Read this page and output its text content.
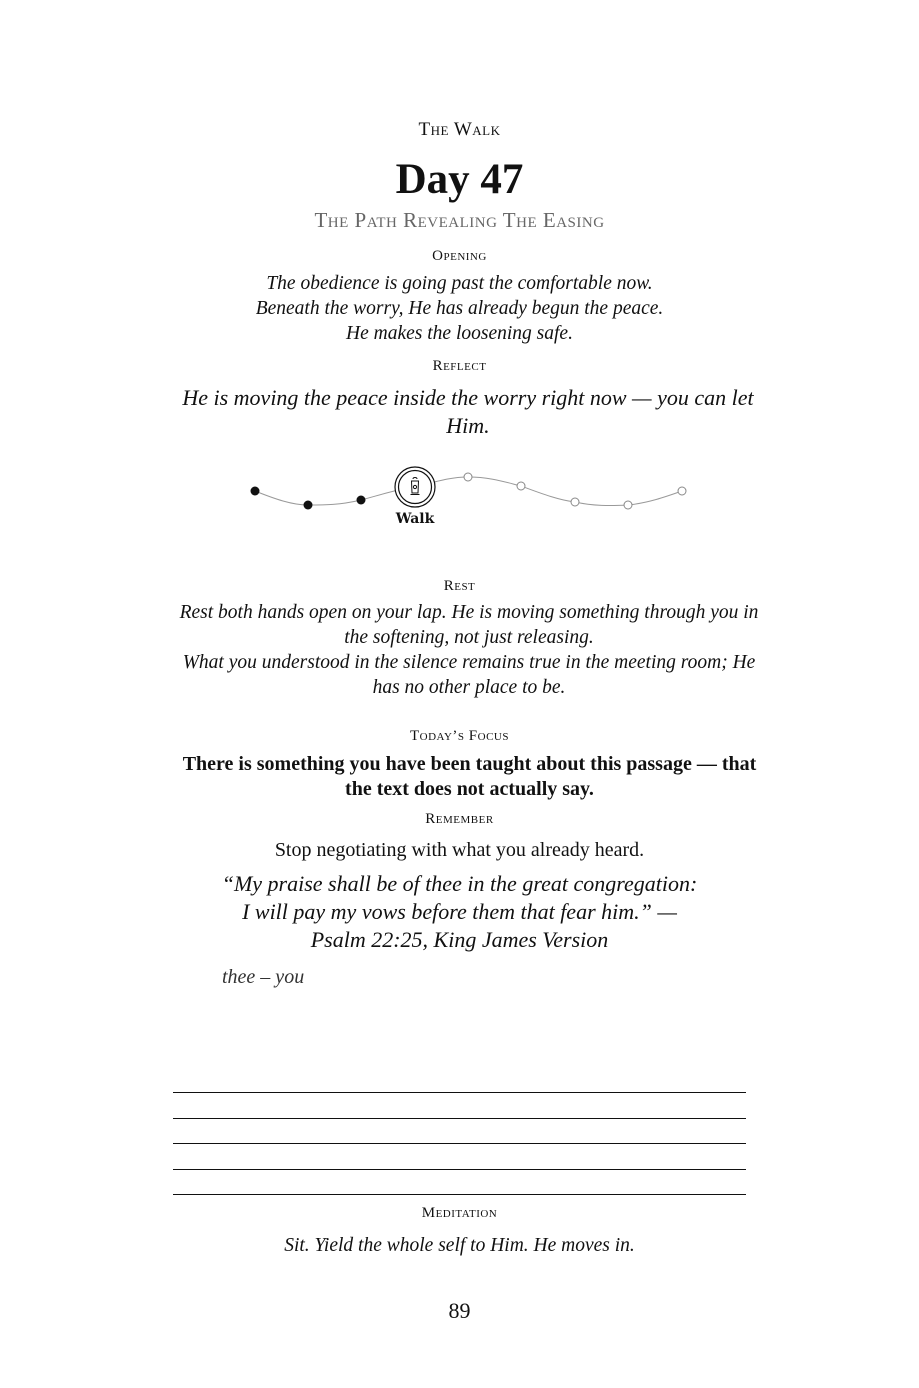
The Walk

Day 47

The Path Revealing The Easing

Opening

The obedience is going past the comfortable now.
Beneath the worry, He has already begun the peace.
He makes the loosening safe.

Reflect

He is moving the peace inside the worry right now — you can let Him.

Walk

Rest

Rest both hands open on your lap. He is moving something through you in the softening, not just releasing.
What you understood in the silence remains true in the meeting room; He has no other place to be.

Today’s Focus

There is something you have been taught about this passage — that the text does not actually say.

Remember

Stop negotiating with what you already heard.

“My praise shall be of thee in the great congregation:
I will pay my vows before them that fear him.” —
Psalm 22:25, King James Version

thee – you

Meditation

Sit. Yield the whole self to Him. He moves in.

89
